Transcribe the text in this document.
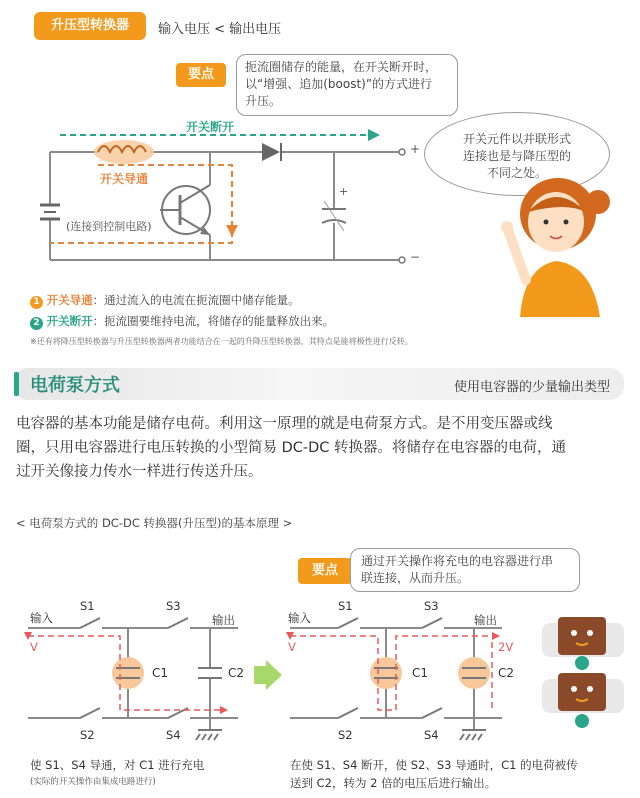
升压型转换器	输入电压 < 输出电压
要点	扼流圈储存的能量，在开关断开时，
以“增强、追加(boost)”的方式进行
升压。
开关断开
开关导通
(连接到控制电路)
+
−
+
开关元件以并联形式
连接也是与降压型的
不同之处。
1 开关导通：通过流入的电流在扼流圈中储存能量。
2 开关断开：扼流圈要维持电流，将储存的能量释放出来。
※还有将降压型转换器与升压型转换器两者功能结合在一起的升降压型转换器，其特点是能将极性进行反转。
电荷泵方式	使用电容器的少量输出类型
电容器的基本功能是储存电荷。利用这一原理的就是电荷泵方式。是不用变压器或线
圈，只用电容器进行电压转换的小型简易 DC-DC 转换器。将储存在电容器的电荷，通
过开关像接力传水一样进行传送升压。
< 电荷泵方式的 DC-DC 转换器(升压型)的基本原理 >
要点
通过开关操作将充电的电容器进行串
联连接，从而升压。
输入	输出
V
S1	S3
S2	S4
C1	C2
使 S1、S4 导通，对 C1 进行充电
(实际的开关操作由集成电路进行)
输入	输出
V	2V
S1	S3
S2	S4
C1	C2
在使 S1、S4 断开，使 S2、S3 导通时，C1 的电荷被传
送到 C2，转为 2 倍的电压后进行输出。
